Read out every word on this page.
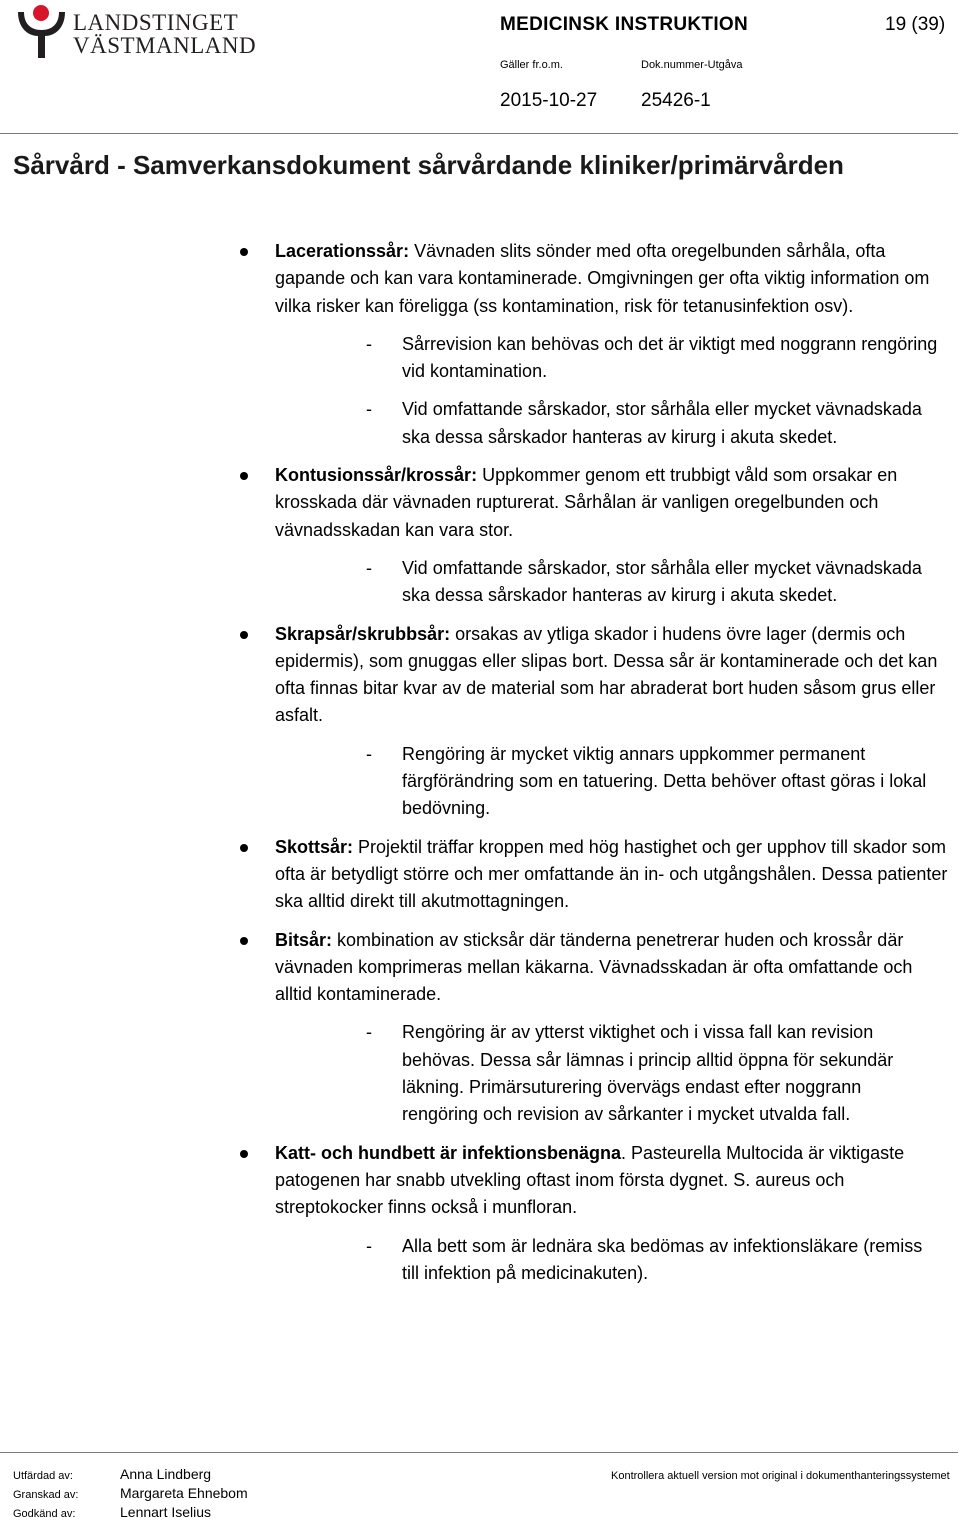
LANDSTINGET
VÄSTMANLAND
MEDICINSK INSTRUKTION	19 (39)
Gäller fr.o.m.	Dok.nummer-Utgåva
2015-10-27 25426-1
Sårvård - Samverkansdokument sårvårdande kliniker/primärvården
Lacerationssår: Vävnaden slits sönder med ofta oregelbunden sårhåla, ofta gapande och kan vara kontaminerade. Omgivningen ger ofta viktig information om vilka risker kan föreligga (ss kontamination, risk för tetanusinfektion osv).
- Sårrevision kan behövas och det är viktigt med noggrann rengöring vid kontamination.
- Vid omfattande sårskador, stor sårhåla eller mycket vävnadskada ska dessa sårskador hanteras av kirurg i akuta skedet.
Kontusionssår/krossår: Uppkommer genom ett trubbigt våld som orsakar en krosskada där vävnaden rupturerat. Sårhålan är vanligen oregelbunden och vävnadsskadan kan vara stor.
- Vid omfattande sårskador, stor sårhåla eller mycket vävnadskada ska dessa sårskador hanteras av kirurg i akuta skedet.
Skrapsår/skrubbsår: orsakas av ytliga skador i hudens övre lager (dermis och epidermis), som gnuggas eller slipas bort. Dessa sår är kontaminerade och det kan ofta finnas bitar kvar av de material som har abraderat bort huden såsom grus eller asfalt.
- Rengöring är mycket viktig annars uppkommer permanent färgförändring som en tatuering. Detta behöver oftast göras i lokal bedövning.
Skottsår: Projektil träffar kroppen med hög hastighet och ger upphov till skador som ofta är betydligt större och mer omfattande än in- och utgångshålen. Dessa patienter ska alltid direkt till akutmottagningen.
Bitsår: kombination av sticksår där tänderna penetrerar huden och krossår där vävnaden komprimeras mellan käkarna. Vävnadsskadan är ofta omfattande och alltid kontaminerade.
- Rengöring är av ytterst viktighet och i vissa fall kan revision behövas. Dessa sår lämnas i princip alltid öppna för sekundär läkning. Primärsuturering övervägs endast efter noggrann rengöring och revision av sårkanter i mycket utvalda fall.
Katt- och hundbett är infektionsbenägna. Pasteurella Multocida är viktigaste patogenen har snabb utvekling oftast inom första dygnet. S. aureus och streptokocker finns också i munfloran.
- Alla bett som är lednära ska bedömas av infektionsläkare (remiss till infektion på medicinakuten).
Utfärdad av:
Granskad av:
Godkänd av:
Anna Lindberg
Margareta Ehnebom
Lennart Iselius
Kontrollera aktuell version mot original i dokumenthanteringssystemet
